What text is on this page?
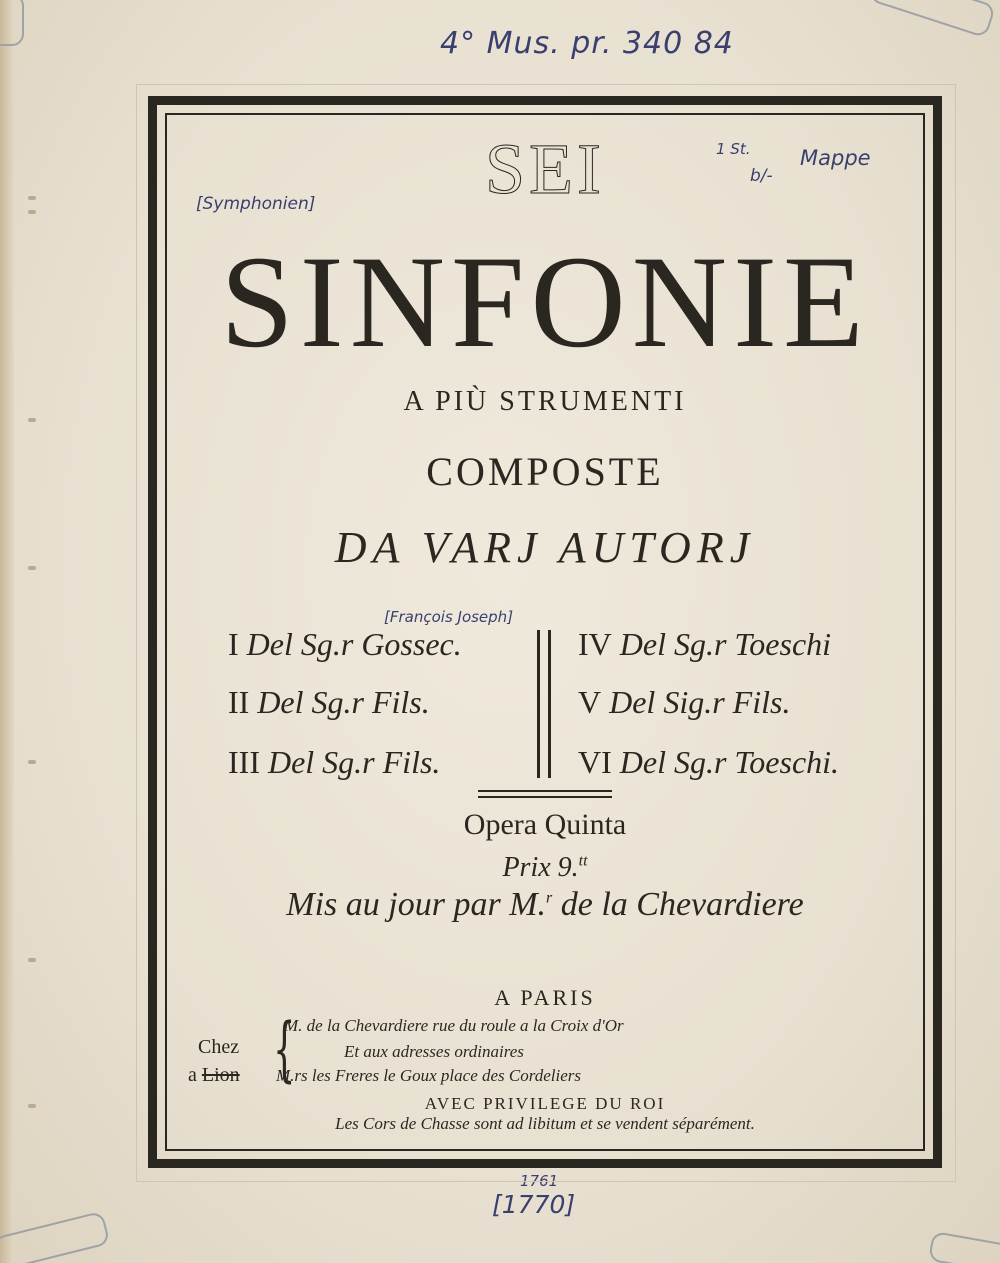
4° Mus. pr. 340 84
[Symphonien]
1 St.
b/-
Mappe
[François Joseph]
1761
[1770]
SEI
SINFONIE
A PIÙ STRUMENTI
COMPOSTE
DA VARJ AUTORJ
I Del Sg.r Gossec.
II Del Sg.r Fils.
III Del Sg.r Fils.
IV Del Sg.r Toeschi
V Del Sig.r Fils.
VI Del Sg.r Toeschi.
Opera Quinta
Prix 9.$^{tt}$
Mis au jour par M.$^r$ de la Chevardiere
A PARIS
Chez
a Lion {
M. de la Chevardiere rue du roule a la Croix d'Or
Et aux adresses ordinaires
M.rs les Freres le Goux place des Cordeliers
AVEC PRIVILEGE DU ROI
Les Cors de Chasse sont ad libitum et se vendent séparément.
